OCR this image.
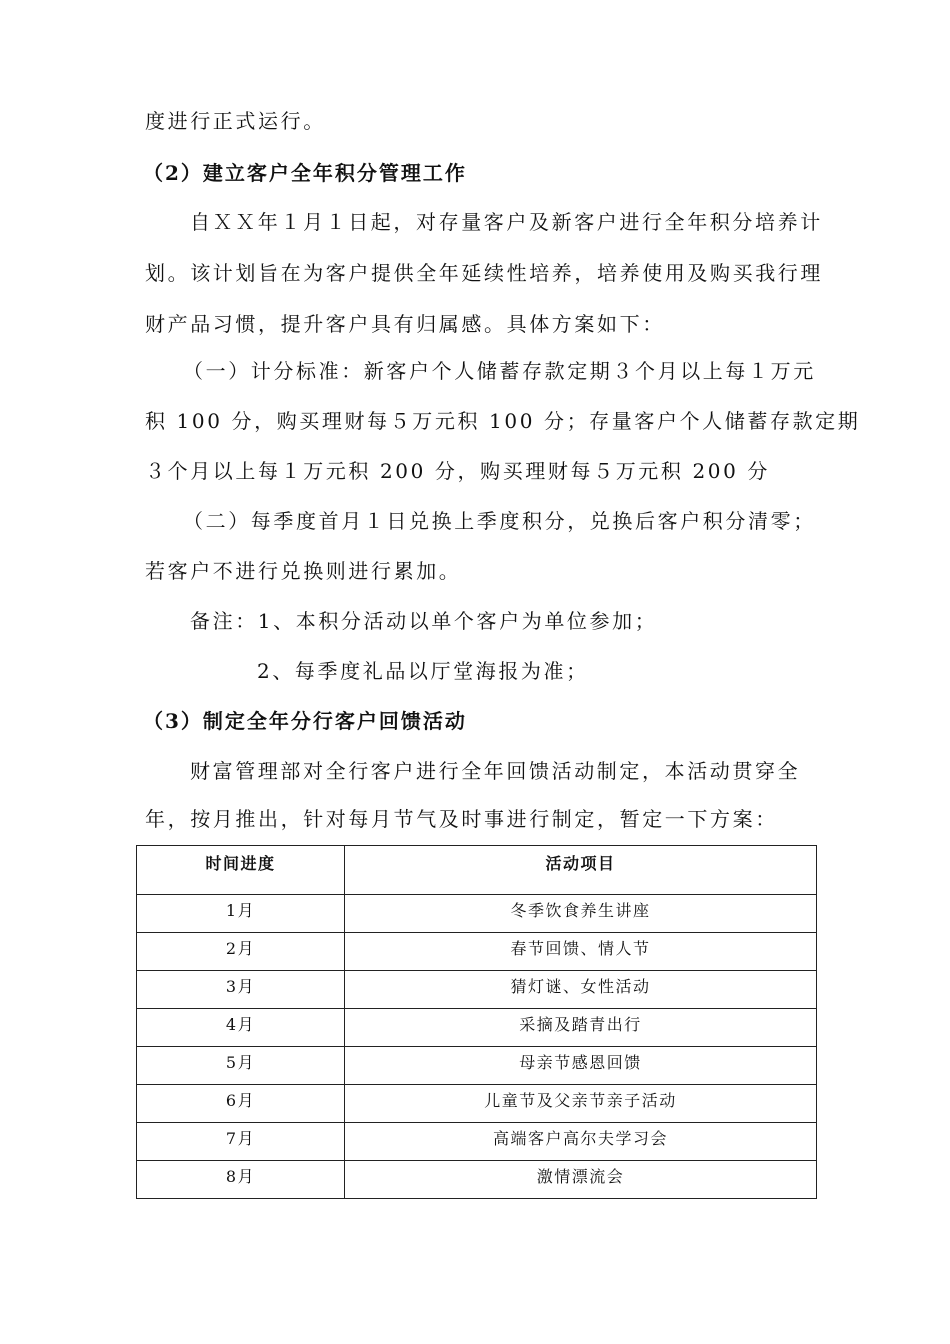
度进行正式运行。
（2）建立客户全年积分管理工作
自ＸＸ年１月１日起，对存量客户及新客户进行全年积分培养计
划。该计划旨在为客户提供全年延续性培养，培养使用及购买我行理
财产品习惯，提升客户具有归属感。具体方案如下：
（一）计分标准：新客户个人储蓄存款定期３个月以上每１万元
积 100 分，购买理财每５万元积 100 分；存量客户个人储蓄存款定期
３个月以上每１万元积 200 分，购买理财每５万元积 200 分
（二）每季度首月１日兑换上季度积分，兑换后客户积分清零；
若客户不进行兑换则进行累加。
备注：1、本积分活动以单个客户为单位参加；
2、每季度礼品以厅堂海报为准；
（3）制定全年分行客户回馈活动
财富管理部对全行客户进行全年回馈活动制定，本活动贯穿全
年，按月推出，针对每月节气及时事进行制定，暂定一下方案：
时间进度	活动项目
1月	冬季饮食养生讲座
2月	春节回馈、情人节
3月	猜灯谜、女性活动
4月	采摘及踏青出行
5月	母亲节感恩回馈
6月	儿童节及父亲节亲子活动
7月	高端客户高尔夫学习会
8月	激情漂流会
